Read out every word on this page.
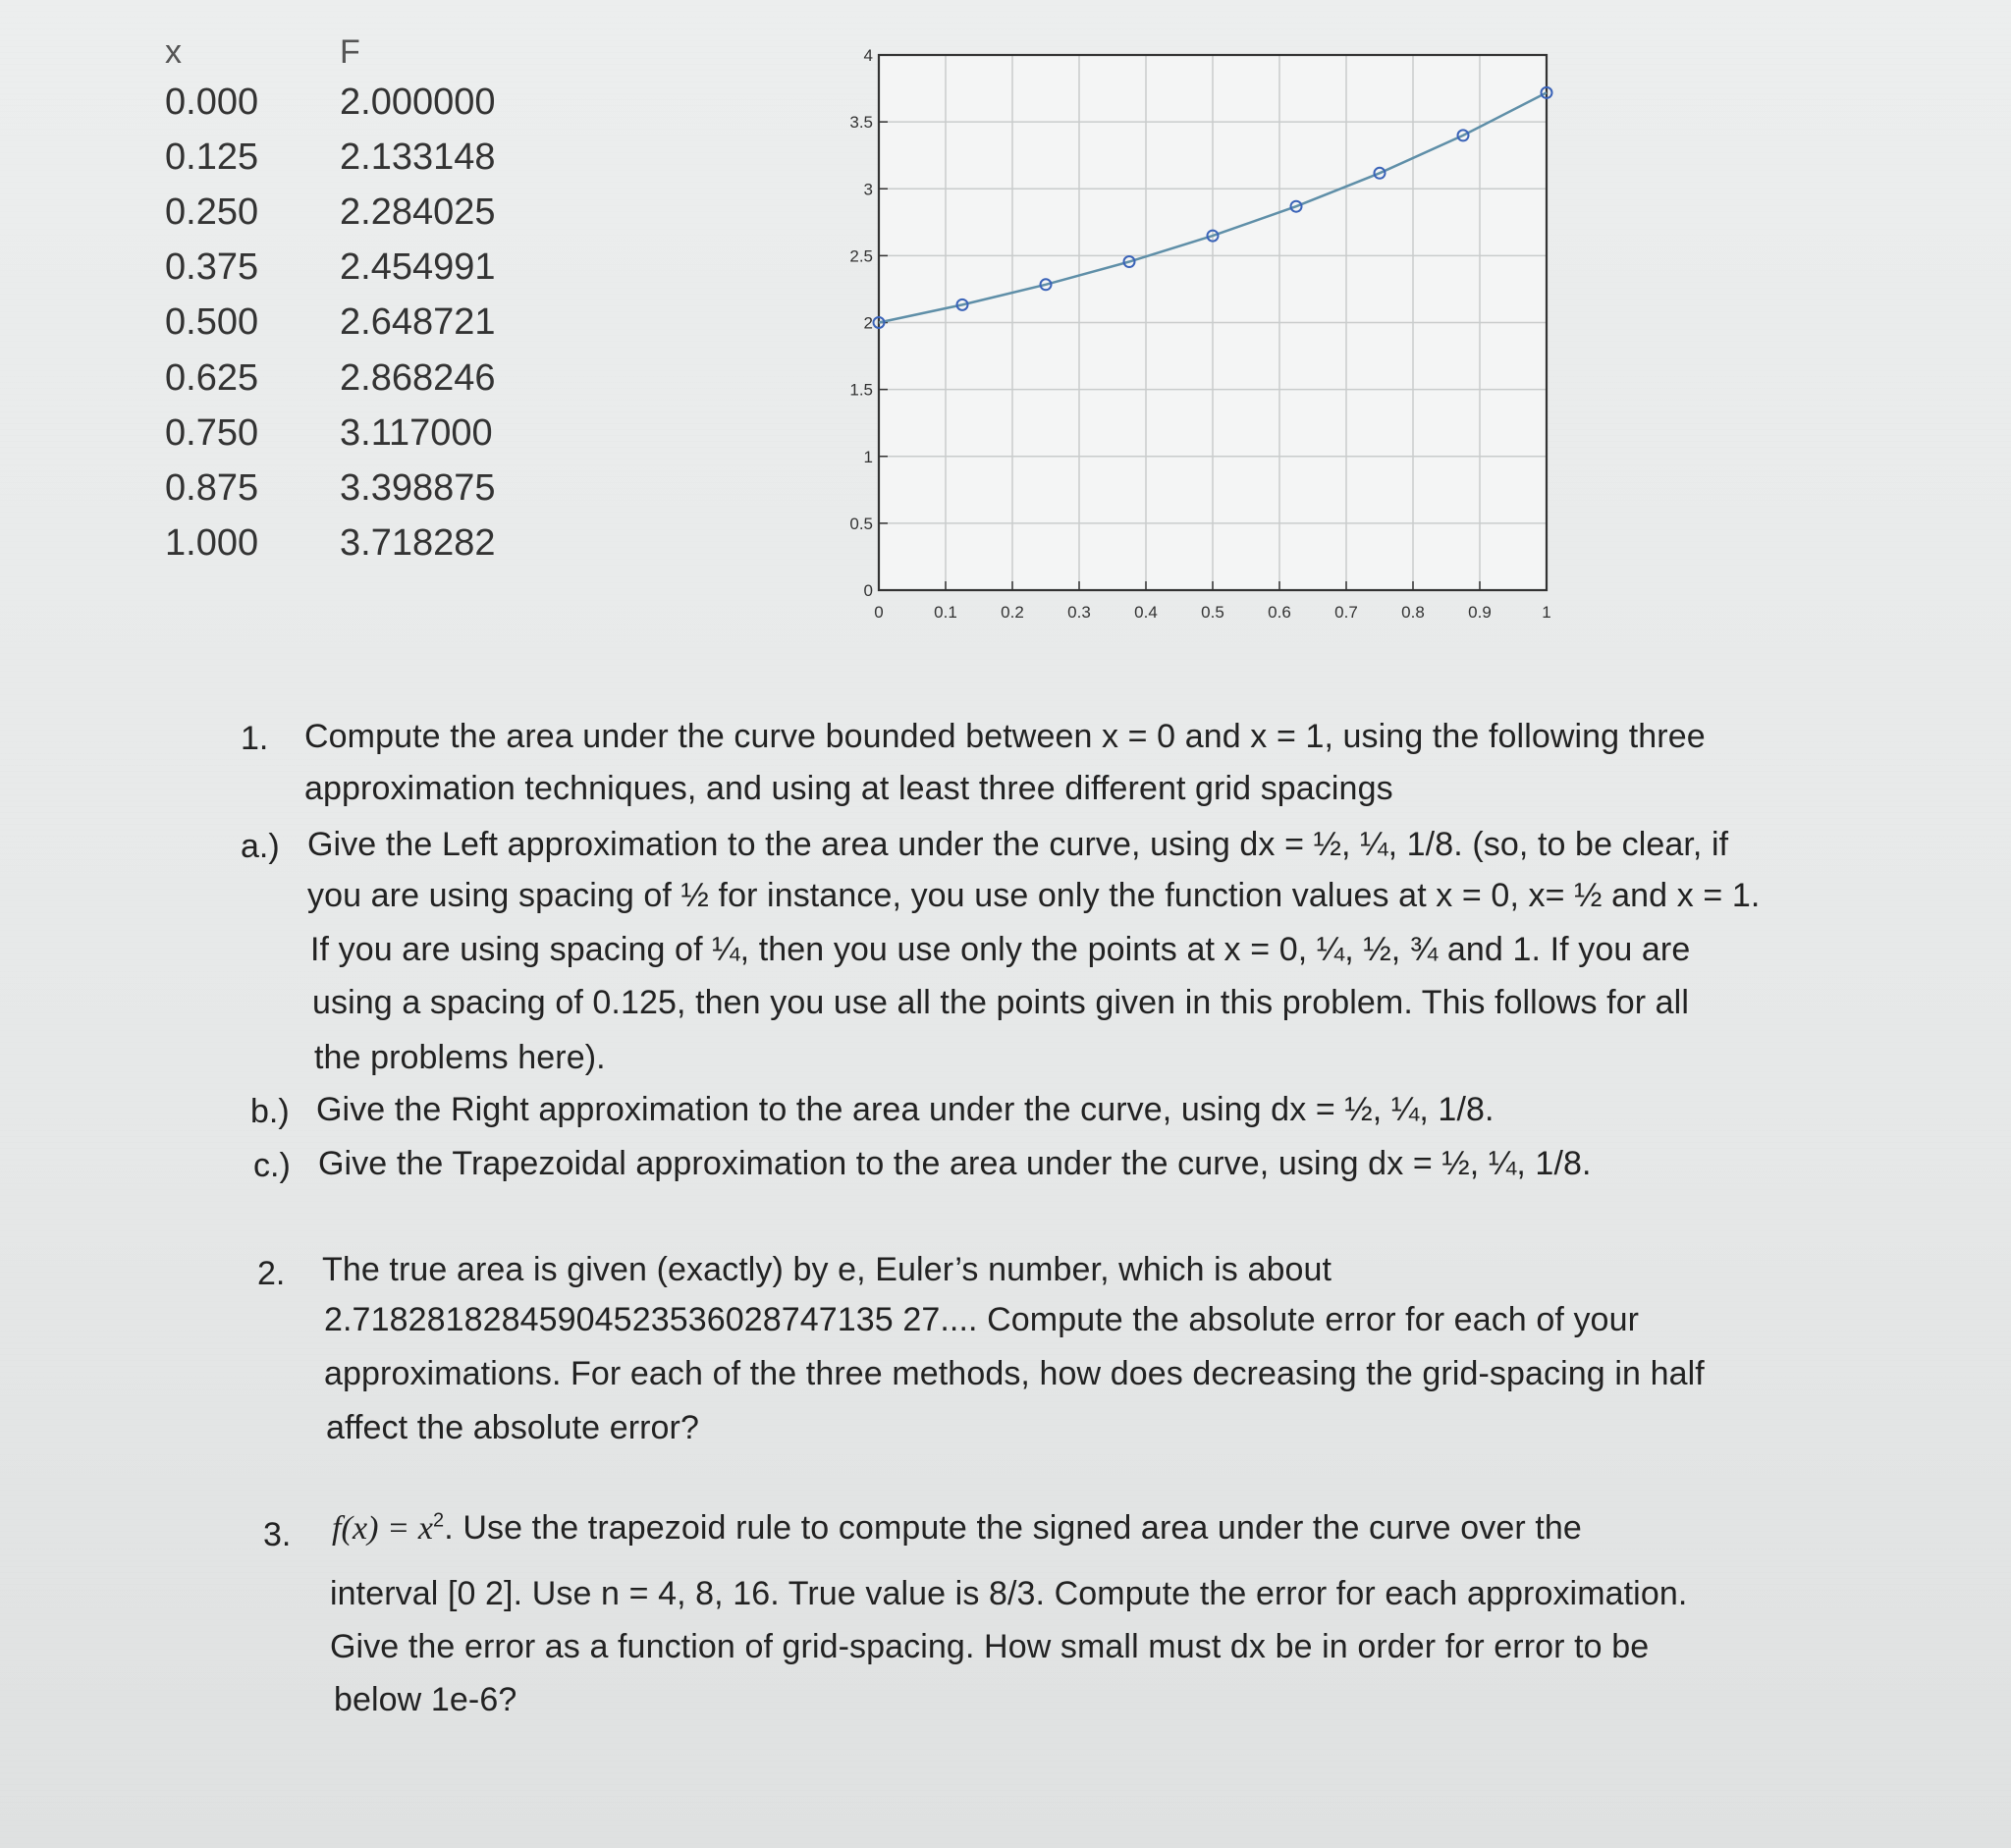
x	F
0.000	2.000000
0.125	2.133148
0.250	2.284025
0.375	2.454991
0.500	2.648721
0.625	2.868246
0.750	3.117000
0.875	3.398875
1.000	3.718282
0	0.1	0.2	0.3	0.4	0.5	0.6	0.7	0.8	0.9	1
0
0.5
1
1.5
2
2.5
3
3.5
4
1. Compute the area under the curve bounded between x = 0 and x = 1, using the following three
approximation techniques, and using at least three different grid spacings
a.) Give the Left approximation to the area under the curve, using dx = ½, ¼, 1/8. (so, to be clear, if
you are using spacing of ½ for instance, you use only the function values at x = 0, x= ½ and x = 1.
If you are using spacing of ¼, then you use only the points at x = 0, ¼, ½, ¾ and 1. If you are
using a spacing of 0.125, then you use all the points given in this problem. This follows for all
the problems here).
b.) Give the Right approximation to the area under the curve, using dx = ½, ¼, 1/8.
c.) Give the Trapezoidal approximation to the area under the curve, using dx = ½, ¼, 1/8.
2. The true area is given (exactly) by e, Euler’s number, which is about
2.71828182845904523536028747135 27.... Compute the absolute error for each of your
approximations. For each of the three methods, how does decreasing the grid-spacing in half
affect the absolute error?
3. $f(x) = x^2$. Use the trapezoid rule to compute the signed area under the curve over the
interval [0 2]. Use n = 4, 8, 16. True value is 8/3. Compute the error for each approximation.
Give the error as a function of grid-spacing. How small must dx be in order for error to be
below 1e-6?
